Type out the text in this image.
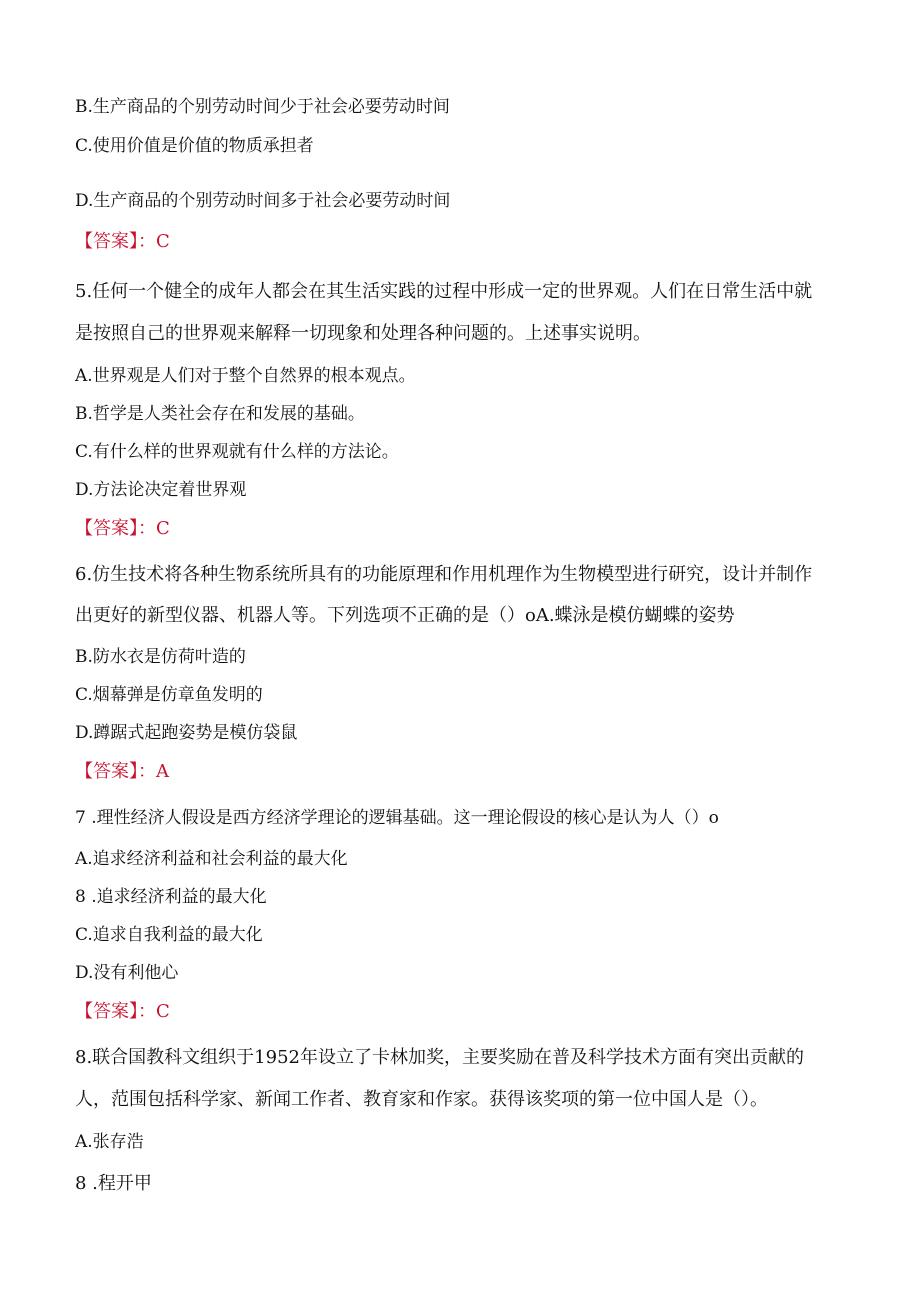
B.生产商品的个别劳动时间少于社会必要劳动时间
C.使用价值是价值的物质承担者
D.生产商品的个别劳动时间多于社会必要劳动时间
【答案】：C
5.任何一个健全的成年人都会在其生活实践的过程中形成一定的世界观。人们在日常生活中就
是按照自己的世界观来解释一切现象和处理各种问题的。上述事实说明。
A.世界观是人们对于整个自然界的根本观点。
B.哲学是人类社会存在和发展的基础。
C.有什么样的世界观就有什么样的方法论。
D.方法论决定着世界观
【答案】：C
6.仿生技术将各种生物系统所具有的功能原理和作用机理作为生物模型进行研究，设计并制作
出更好的新型仪器、机器人等。下列选项不正确的是（）oA.蝶泳是模仿蝴蝶的姿势
B.防水衣是仿荷叶造的
C.烟幕弹是仿章鱼发明的
D.蹲踞式起跑姿势是模仿袋鼠
【答案】：A
7 .理性经济人假设是西方经济学理论的逻辑基础。这一理论假设的核心是认为人（）o
A.追求经济利益和社会利益的最大化
8 .追求经济利益的最大化
C.追求自我利益的最大化
D.没有利他心
【答案】：C
8.联合国教科文组织于1952年设立了卡林加奖，主要奖励在普及科学技术方面有突出贡献的
人，范围包括科学家、新闻工作者、教育家和作家。获得该奖项的第一位中国人是（）。
A.张存浩
8 .程开甲
